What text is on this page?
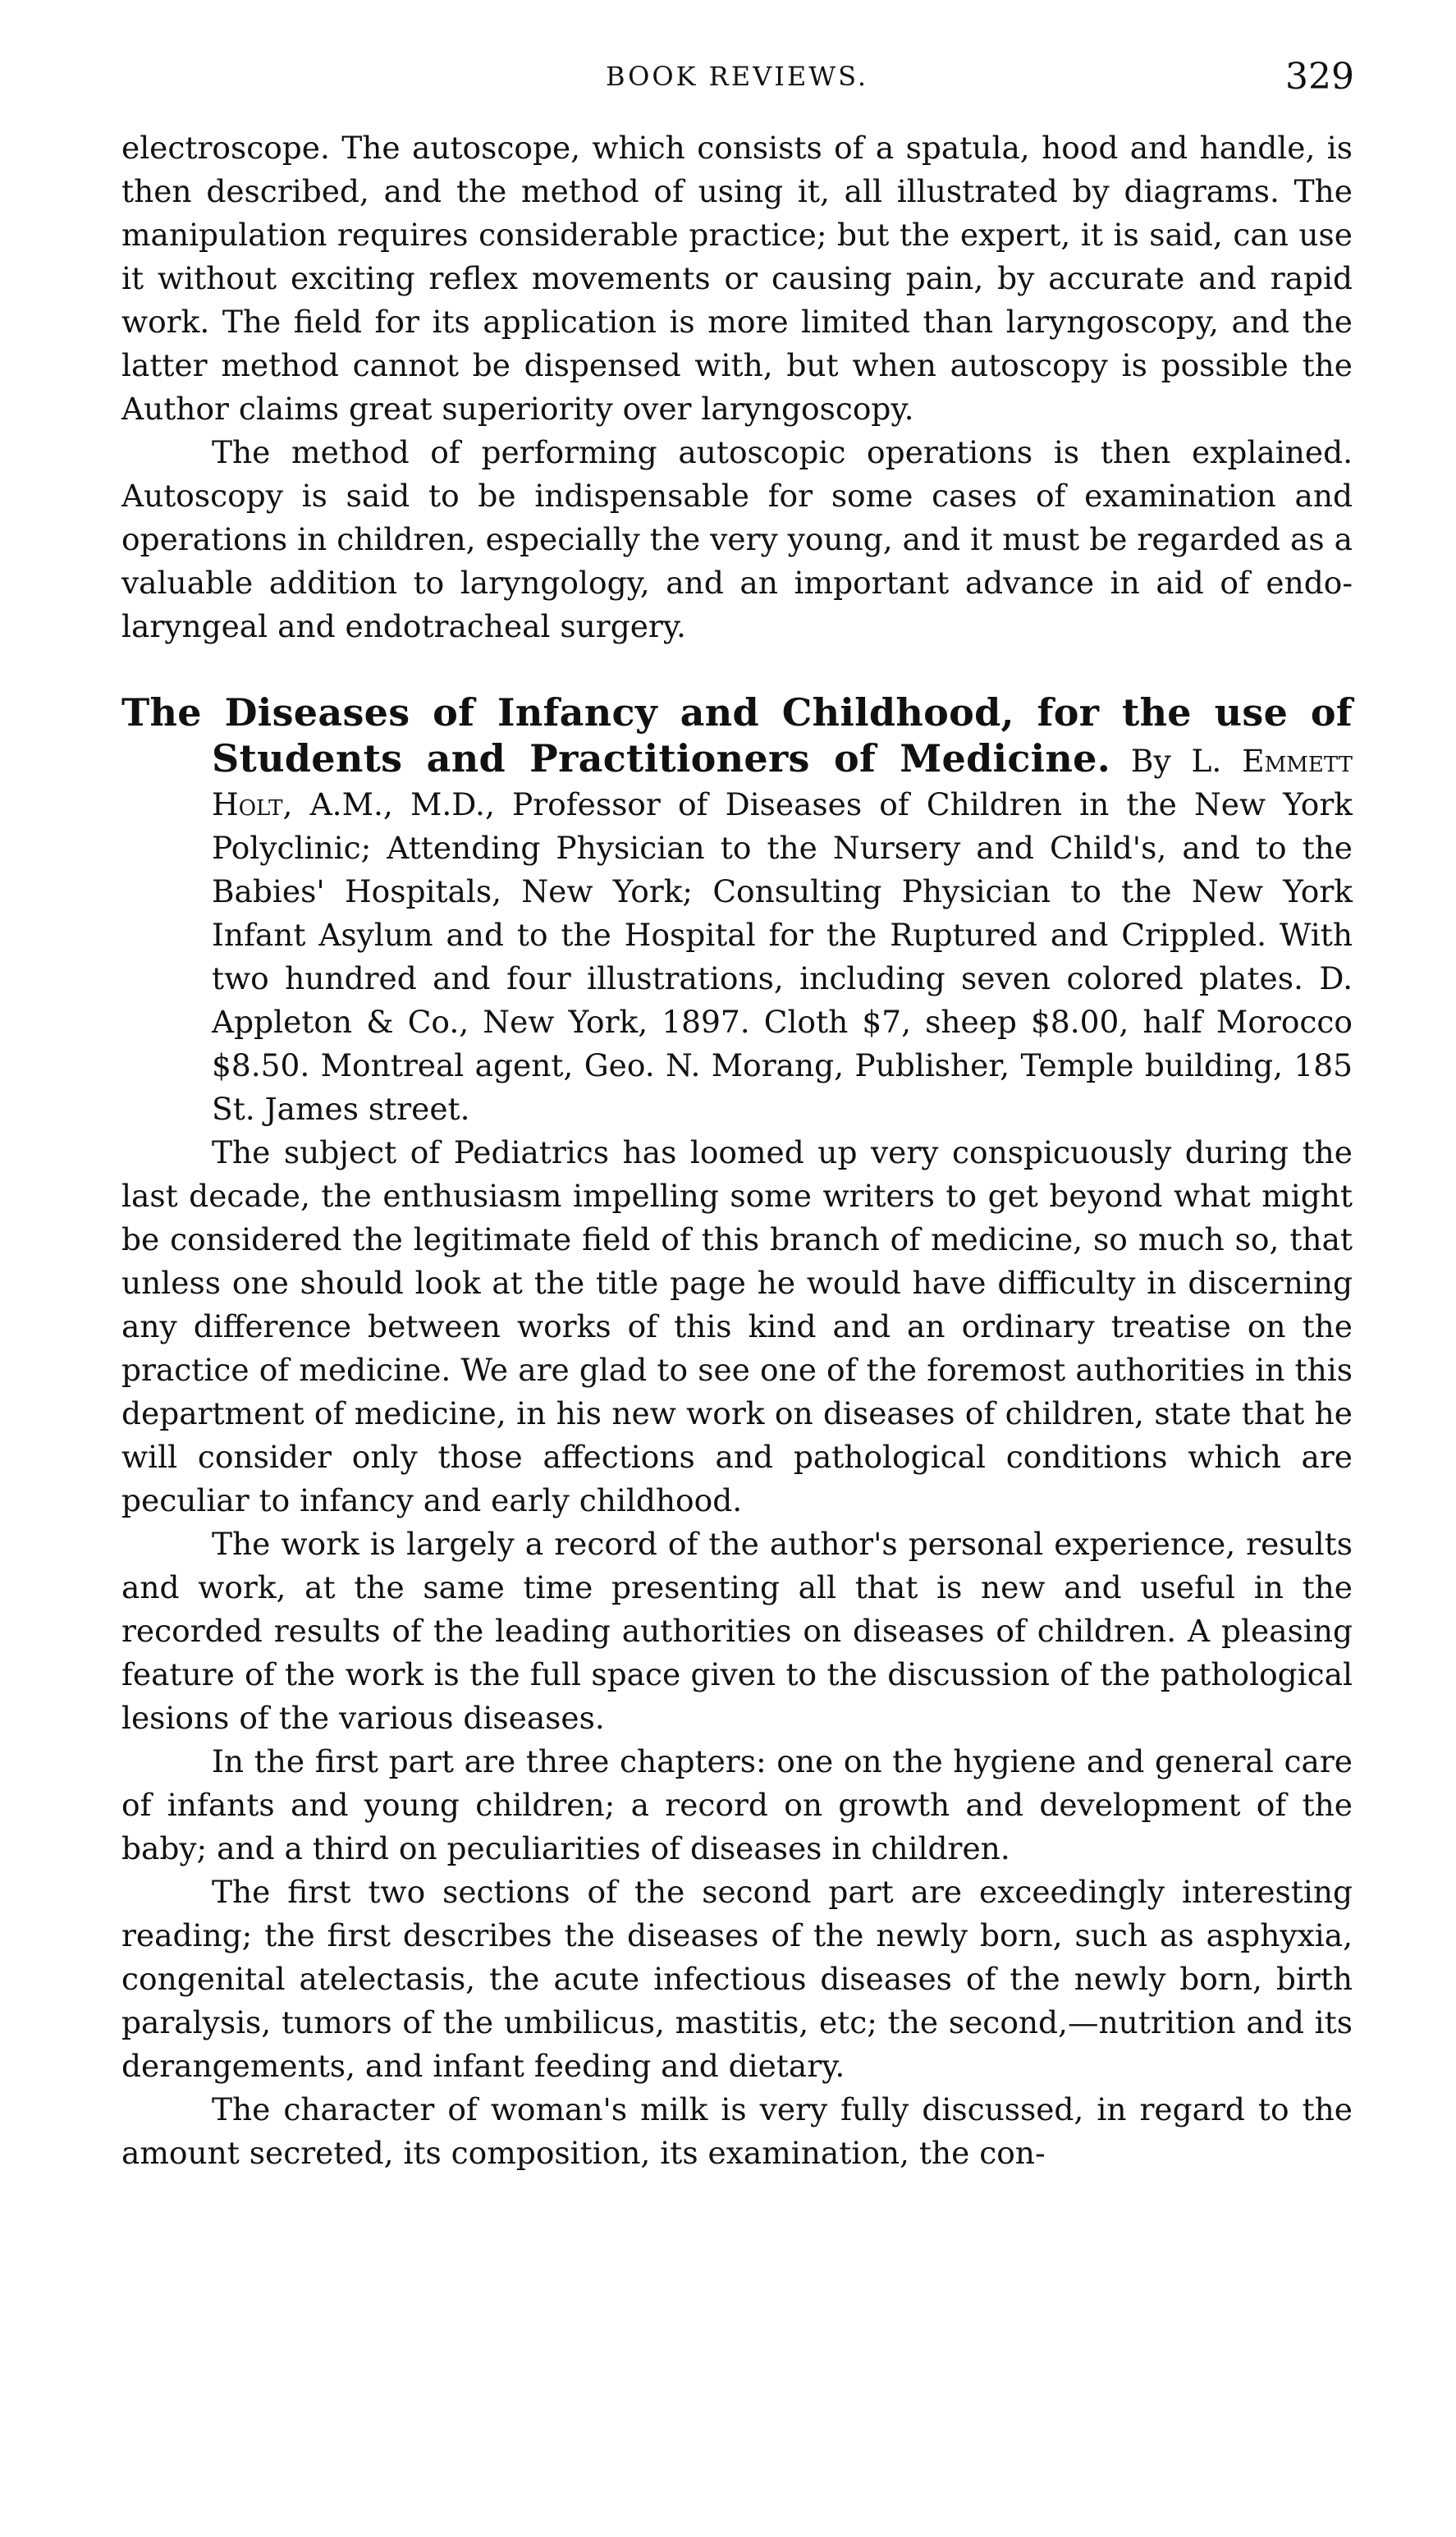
BOOK REVIEWS.	329

electroscope. The autoscope, which consists of a spatula, hood and handle, is then described, and the method of using it, all illustrated by diagrams. The manipulation requires considerable practice; but the expert, it is said, can use it without exciting reflex movements or causing pain, by accurate and rapid work. The field for its application is more limited than laryngoscopy, and the latter method cannot be dispensed with, but when autoscopy is possible the Author claims great superiority over laryngoscopy.

The method of performing autoscopic operations is then explained. Autoscopy is said to be indispensable for some cases of examination and operations in children, especially the very young, and it must be regarded as a valuable addition to laryngology, and an important advance in aid of endo-laryngeal and endotracheal surgery.

The Diseases of Infancy and Childhood, for the use of Students and Practitioners of Medicine. By L. Emmett Holt, A.M., M.D., Professor of Diseases of Children in the New York Polyclinic; Attending Physician to the Nursery and Child's, and to the Babies' Hospitals, New York; Consulting Physician to the New York Infant Asylum and to the Hospital for the Ruptured and Crippled. With two hundred and four illustrations, including seven colored plates. D. Appleton & Co., New York, 1897. Cloth $7, sheep $8.00, half Morocco $8.50. Montreal agent, Geo. N. Morang, Publisher, Temple building, 185 St. James street.

The subject of Pediatrics has loomed up very conspicuously during the last decade, the enthusiasm impelling some writers to get beyond what might be considered the legitimate field of this branch of medicine, so much so, that unless one should look at the title page he would have difficulty in discerning any difference between works of this kind and an ordinary treatise on the practice of medicine. We are glad to see one of the foremost authorities in this department of medicine, in his new work on diseases of children, state that he will consider only those affections and pathological conditions which are peculiar to infancy and early childhood.

The work is largely a record of the author's personal experience, results and work, at the same time presenting all that is new and useful in the recorded results of the leading authorities on diseases of children. A pleasing feature of the work is the full space given to the discussion of the pathological lesions of the various diseases.

In the first part are three chapters: one on the hygiene and general care of infants and young children; a record on growth and development of the baby; and a third on peculiarities of diseases in children.

The first two sections of the second part are exceedingly interesting reading; the first describes the diseases of the newly born, such as asphyxia, congenital atelectasis, the acute infectious diseases of the newly born, birth paralysis, tumors of the umbilicus, mastitis, etc; the second,—nutrition and its derangements, and infant feeding and dietary.

The character of woman's milk is very fully discussed, in regard to the amount secreted, its composition, its examination, the con-
